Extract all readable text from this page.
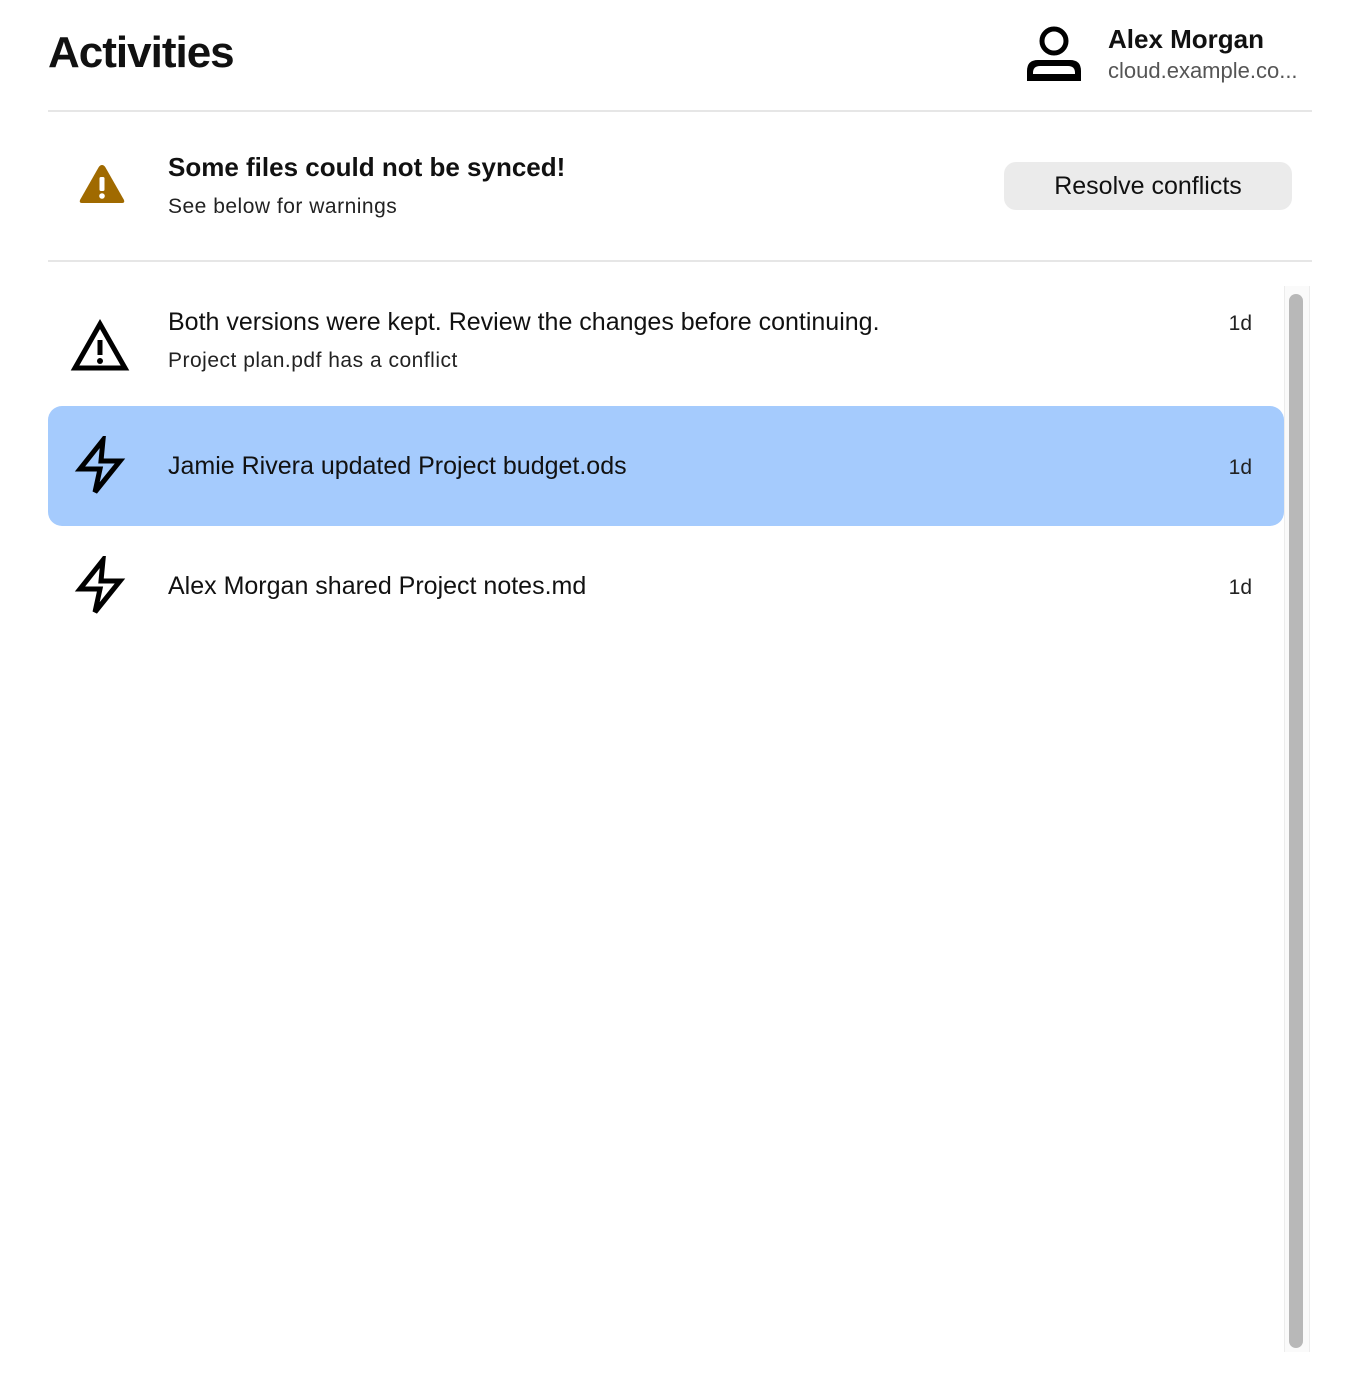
Activities	Alex Morgan
cloud.example.co...
Some files could not be synced!
See below for warnings
Resolve conflicts
Both versions were kept. Review the changes before continuing.
Project plan.pdf has a conflict
1d
Jamie Rivera updated Project budget.ods	1d
Alex Morgan shared Project notes.md	1d
